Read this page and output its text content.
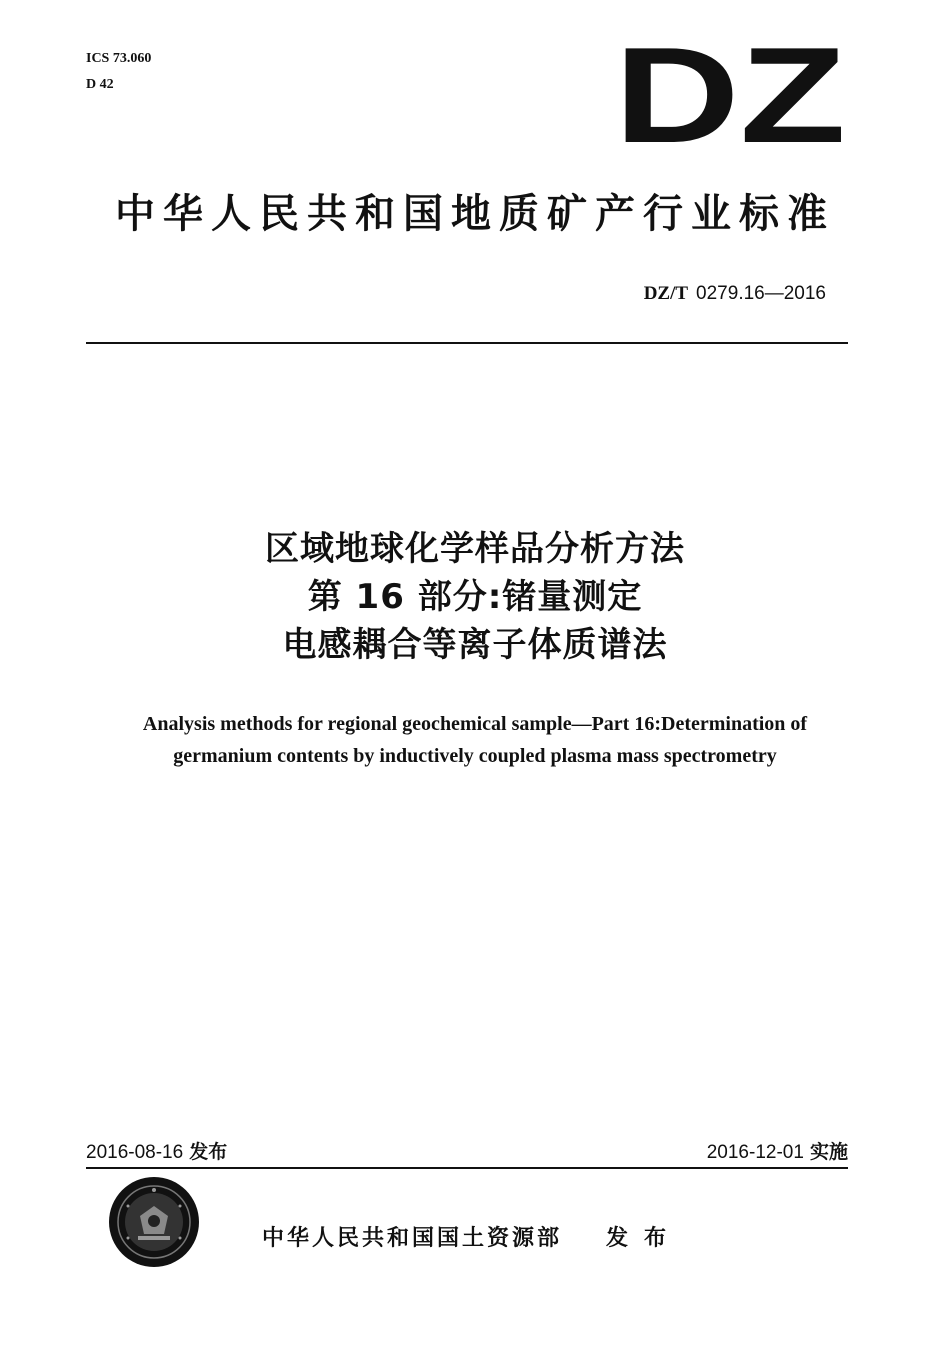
ICS 73.060
D 42	DZ
中华人民共和国地质矿产行业标准
DZ/T 0279.16—2016
区域地球化学样品分析方法
第 16 部分:锗量测定
电感耦合等离子体质谱法
Analysis methods for regional geochemical sample—Part 16:Determination of
germanium contents by inductively coupled plasma mass spectrometry
2016-08-16 发布	2016-12-01 实施
中华人民共和国国土资源部 发布
